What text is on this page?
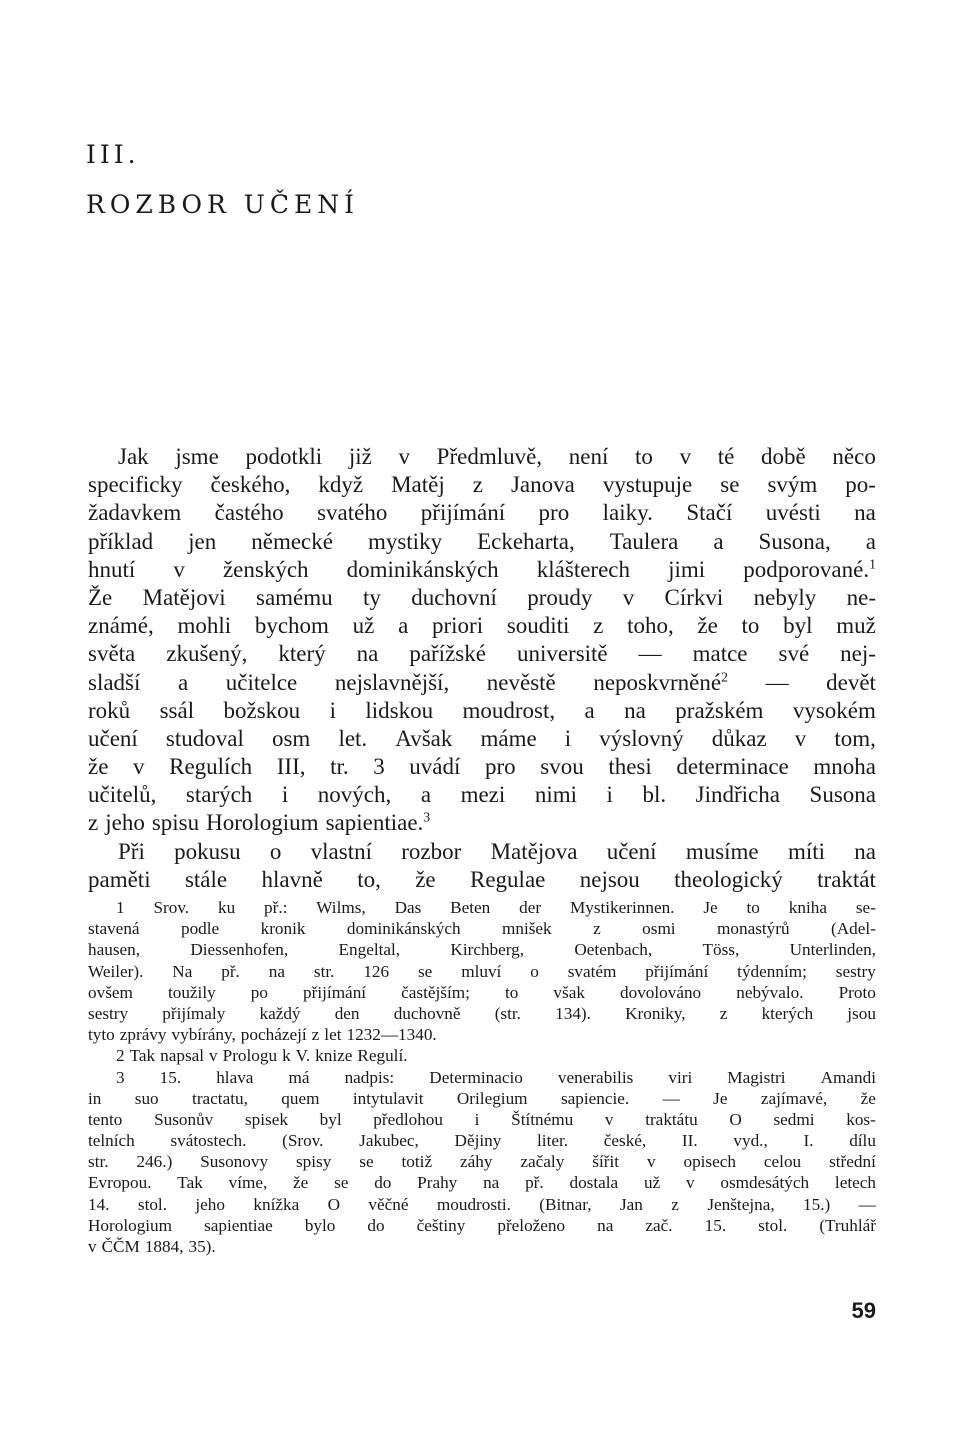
III.
ROZBOR UČENÍ
Jak jsme podotkli již v Předmluvě, není to v té době něco
specificky českého, když Matěj z Janova vystupuje se svým po-
žadavkem častého svatého přijímání pro laiky. Stačí uvésti na
příklad jen německé mystiky Eckeharta, Taulera a Susona, a
hnutí v ženských dominikánských klášterech jimi podporované.$^1$
Že Matějovi samému ty duchovní proudy v Církvi nebyly ne-
známé, mohli bychom už a priori souditi z toho, že to byl muž
světa zkušený, který na pařížské universitě — matce své nej-
sladší a učitelce nejslavnější, nevěstě neposkvrněné$^2$ — devět
roků ssál božskou i lidskou moudrost, a na pražském vysokém
učení studoval osm let. Avšak máme i výslovný důkaz v tom,
že v Regulích III, tr. 3 uvádí pro svou thesi determinace mnoha
učitelů, starých i nových, a mezi nimi i bl. Jindřicha Susona
z jeho spisu Horologium sapientiae.$^3$
Při pokusu o vlastní rozbor Matějova učení musíme míti na
paměti stále hlavně to, že Regulae nejsou theologický traktát
1 Srov. ku př.: Wilms, Das Beten der Mystikerinnen. Je to kniha se-
stavená podle kronik dominikánských mnišek z osmi monastýrů (Adel-
hausen,	Diessenhofen,	Engeltal,	Kirchberg,	Oetenbach,	Töss,	Unterlinden,
Weiler). Na př. na str. 126 se mluví o svatém přijímání týdenním; sestry
ovšem toužily po přijímání častějším; to však dovolováno nebývalo. Proto
sestry přijímaly každý den duchovně (str. 134). Kroniky, z kterých jsou
tyto zprávy vybírány, pocházejí z let 1232—1340.
2 Tak napsal v Prologu k V. knize Regulí.
3 15. hlava má nadpis: Determinacio venerabilis viri Magistri Amandi
in suo tractatu, quem intytulavit Orilegium sapiencie. — Je zajímavé, že
tento Susonův spisek byl předlohou i Štítnému v traktátu O sedmi kos-
telních svátostech. (Srov. Jakubec, Dějiny liter. české, II. vyd., I. dílu
str. 246.) Susonovy spisy se totiž záhy začaly šířit v opisech celou střední
Evropou. Tak víme, že se do Prahy na př. dostala už v osmdesátých letech
14. stol. jeho knížka O věčné moudrosti. (Bitnar, Jan z Jenštejna, 15.) —
Horologium sapientiae bylo do češtiny přeloženo na zač. 15. stol. (Truhlář
v ČČM 1884, 35).
59
